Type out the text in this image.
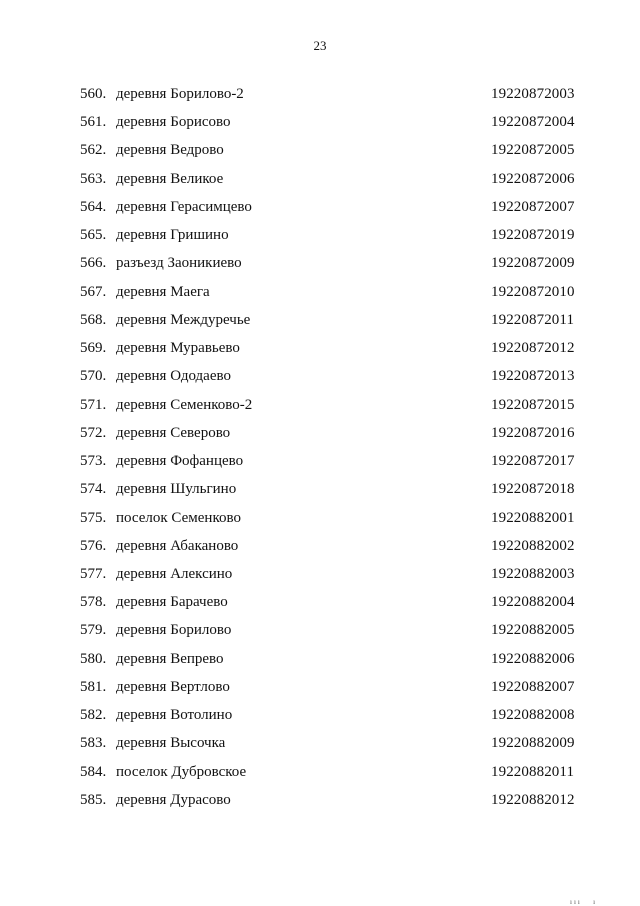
23
560. деревня Борилово-2	19220872003
561. деревня Борисово	19220872004
562. деревня Ведрово	19220872005
563. деревня Великое	19220872006
564. деревня Герасимцево	19220872007
565. деревня Гришино	19220872019
566. разъезд Заоникиево	19220872009
567. деревня Маега	19220872010
568. деревня Междуречье	19220872011
569. деревня Муравьево	19220872012
570. деревня Ододаево	19220872013
571. деревня Семенково-2	19220872015
572. деревня Северово	19220872016
573. деревня Фофанцево	19220872017
574. деревня Шульгино	19220872018
575. поселок Семенково	19220882001
576. деревня Абаканово	19220882002
577. деревня Алексино	19220882003
578. деревня Барачево	19220882004
579. деревня Борилово	19220882005
580. деревня Вепрево	19220882006
581. деревня Вертлово	19220882007
582. деревня Вотолино	19220882008
583. деревня Высочка	19220882009
584. поселок Дубровское	19220882011
585. деревня Дурасово	19220882012
ııı   ı
